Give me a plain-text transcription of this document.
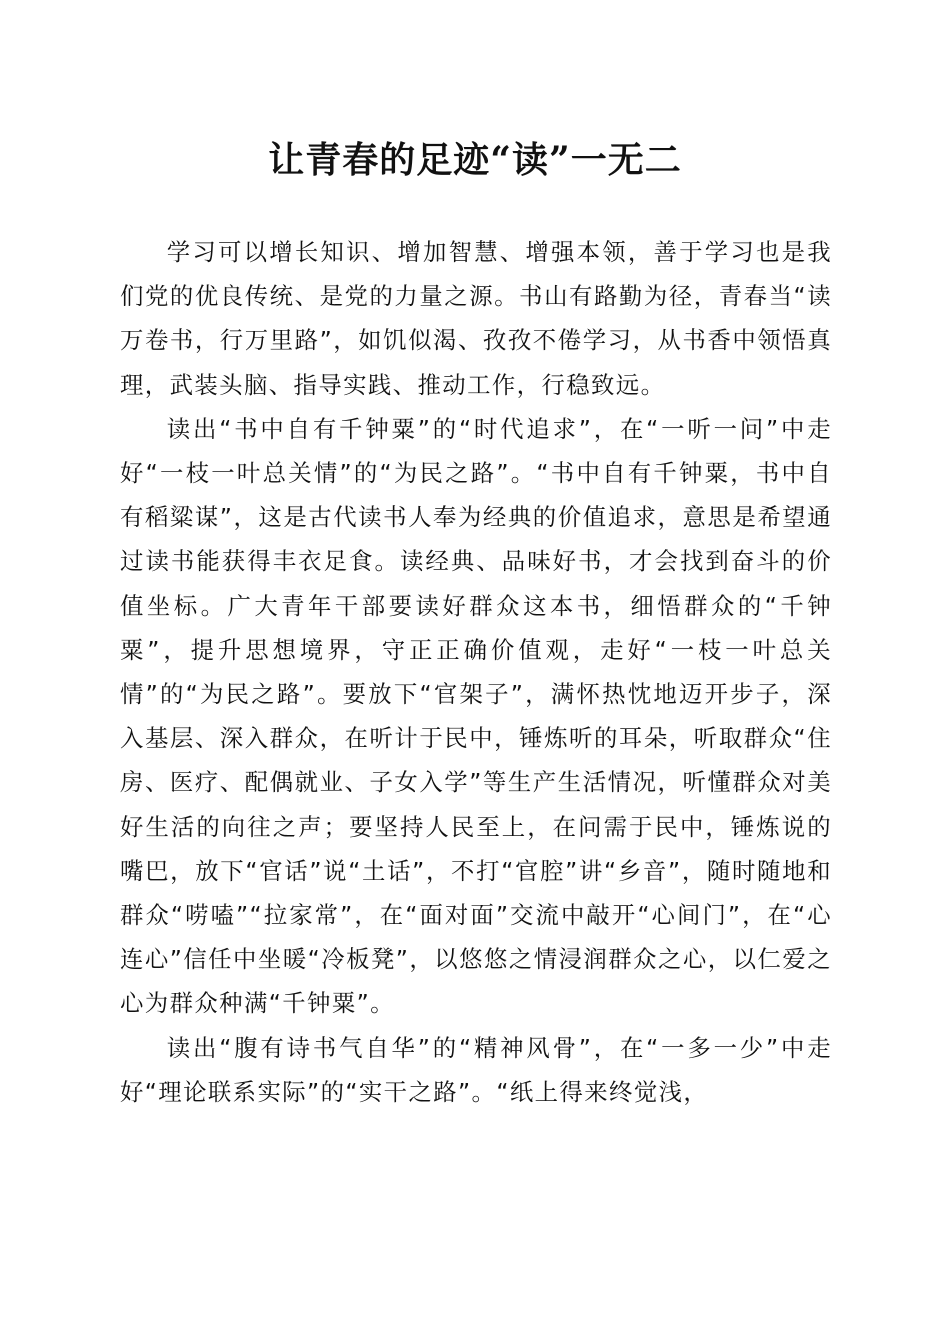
让青春的足迹“读”一无二

学习可以增长知识、增加智慧、增强本领，善于学习也是我们党的优良传统、是党的力量之源。书山有路勤为径，青春当“读万卷书，行万里路”，如饥似渴、孜孜不倦学习，从书香中领悟真理，武装头脑、指导实践、推动工作，行稳致远。

读出“书中自有千钟粟”的“时代追求”，在“一听一问”中走好“一枝一叶总关情”的“为民之路”。“书中自有千钟粟，书中自有稻粱谋”，这是古代读书人奉为经典的价值追求，意思是希望通过读书能获得丰衣足食。读经典、品味好书，才会找到奋斗的价值坐标。广大青年干部要读好群众这本书，细悟群众的“千钟粟”，提升思想境界，守正正确价值观，走好“一枝一叶总关情”的“为民之路”。要放下“官架子”，满怀热忱地迈开步子，深入基层、深入群众，在听计于民中，锤炼听的耳朵，听取群众“住房、医疗、配偶就业、子女入学”等生产生活情况，听懂群众对美好生活的向往之声；要坚持人民至上，在问需于民中，锤炼说的嘴巴，放下“官话”说“土话”，不打“官腔”讲“乡音”，随时随地和群众“唠嗑”“拉家常”，在“面对面”交流中敲开“心间门”，在“心连心”信任中坐暖“冷板凳”，以悠悠之情浸润群众之心，以仁爱之心为群众种满“千钟粟”。

读出“腹有诗书气自华”的“精神风骨”，在“一多一少”中走好“理论联系实际”的“实干之路”。“纸上得来终觉浅，
